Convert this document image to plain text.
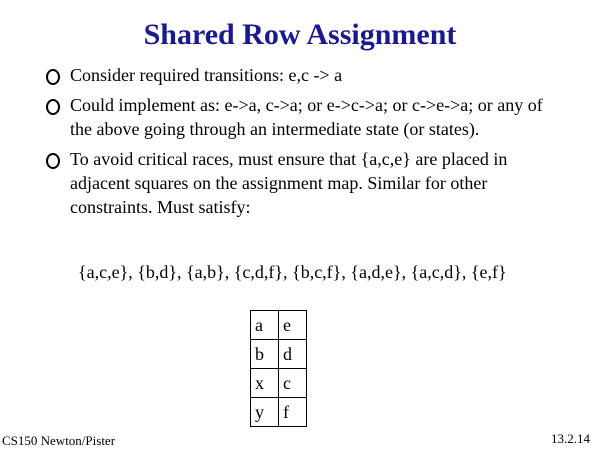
Shared Row Assignment
Consider required transitions: e,c -> a
Could implement as: e->a, c->a; or e->c->a; or c->e->a; or any of the above going through an intermediate state (or states).
To avoid critical races, must ensure that {a,c,e} are placed in adjacent squares on the assignment map. Similar for other constraints. Must satisfy:
{a,c,e}, {b,d}, {a,b}, {c,d,f}, {b,c,f}, {a,d,e}, {a,c,d}, {e,f}
a	e
b	d
x	c
y	f
CS150 Newton/Pister	13.2.14
